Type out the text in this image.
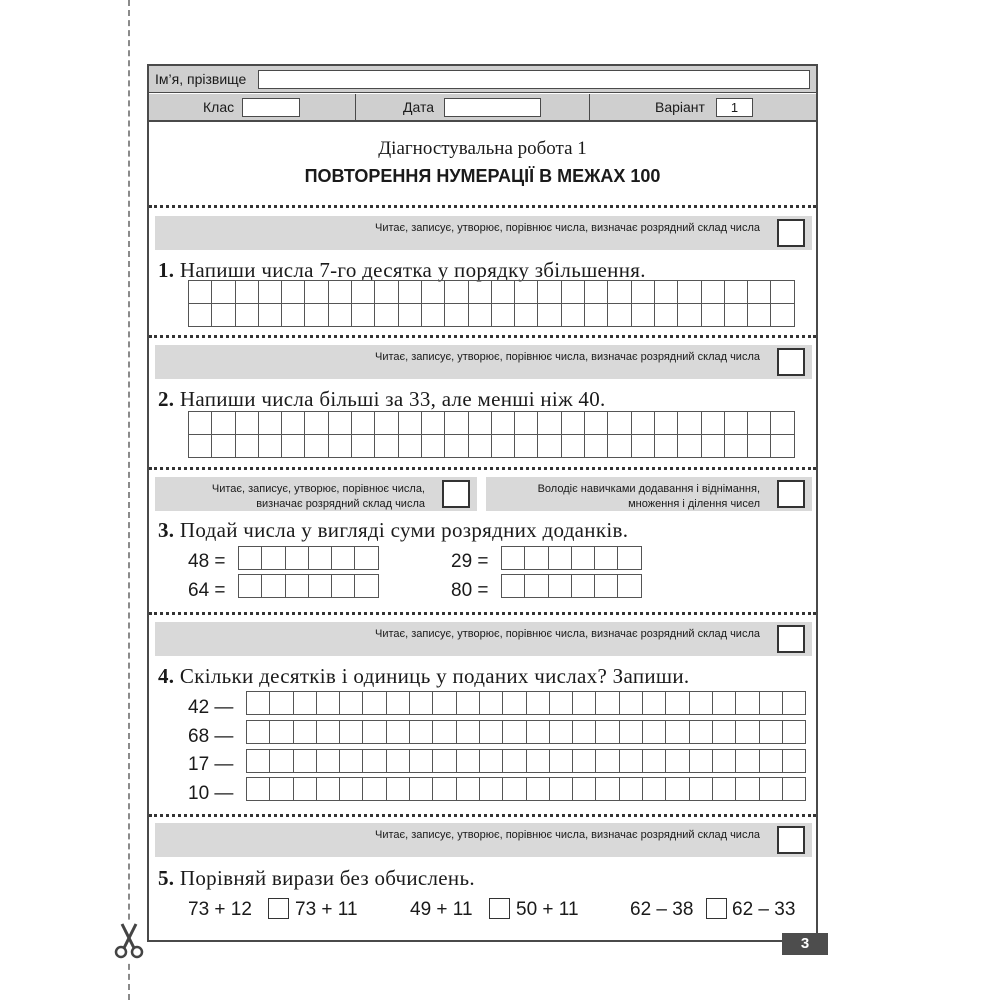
Ім’я, прізвище
Клас	Дата	Варіант	1
Діагностувальна робота 1
ПОВТОРЕННЯ НУМЕРАЦІЇ В МЕЖАХ 100
Читає, записує, утворює, порівнює числа, визначає розрядний склад числа
1. Напиши числа 7-го десятка у порядку збільшення.
Читає, записує, утворює, порівнює числа, визначає розрядний склад числа
2. Напиши числа більші за 33, але менші ніж 40.
Читає, записує, утворює, порівнює числа,
визначає розрядний склад числа
Володіє навичками додавання і віднімання,
множення і ділення чисел
3. Подай числа у вигляді суми розрядних доданків.
48 =	29 =
64 =	80 =
Читає, записує, утворює, порівнює числа, визначає розрядний склад числа
4. Скільки десятків і одиниць у поданих числах? Запиши.
42 —
68 —
17 —
10 —
Читає, записує, утворює, порівнює числа, визначає розрядний склад числа
5. Порівняй вирази без обчислень.
73 + 12 73 + 11	49 + 11 50 + 11	62 – 38 62 – 33
3
